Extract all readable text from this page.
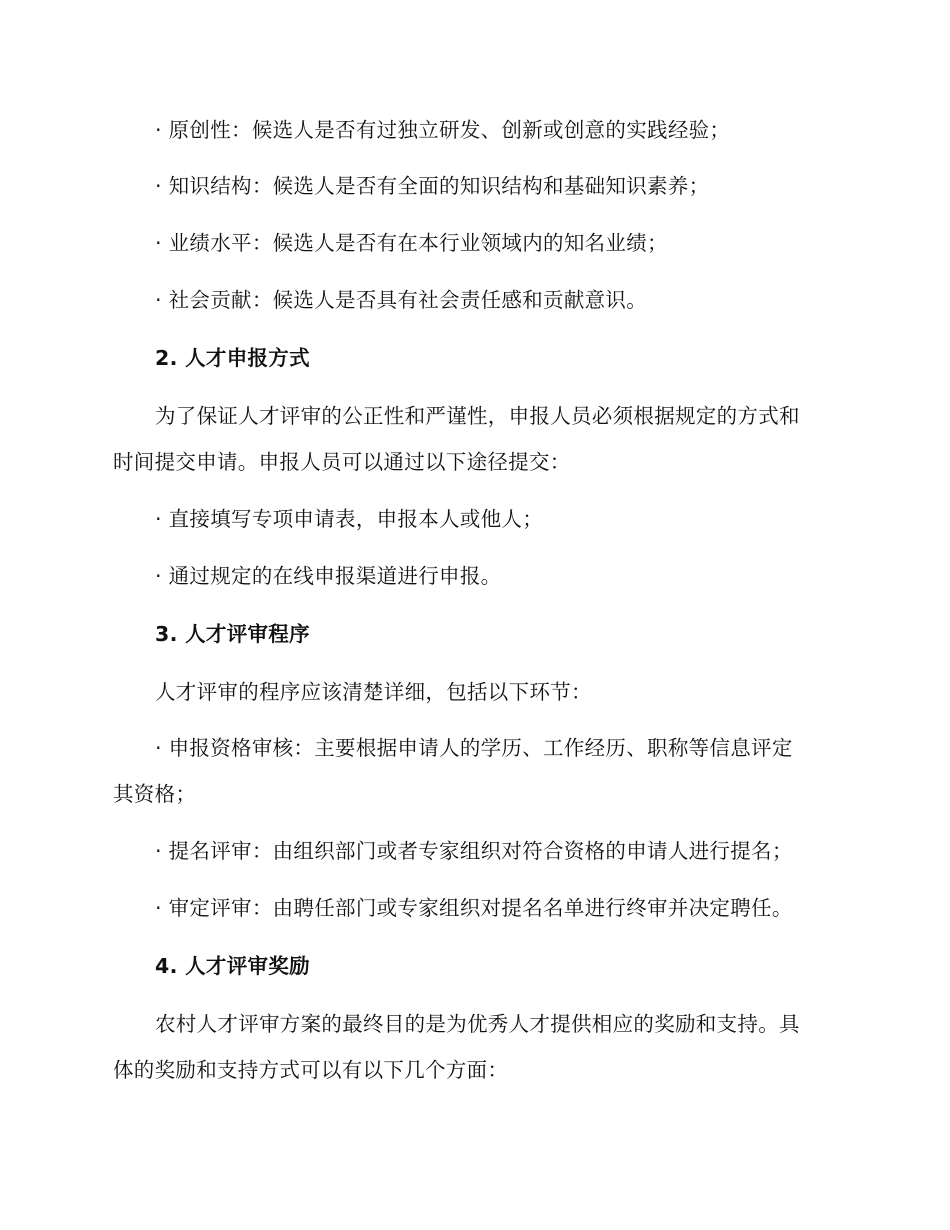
· 原创性：候选人是否有过独立研发、创新或创意的实践经验；
· 知识结构：候选人是否有全面的知识结构和基础知识素养；
· 业绩水平：候选人是否有在本行业领域内的知名业绩；
· 社会贡献：候选人是否具有社会责任感和贡献意识。
2. 人才申报方式
为了保证人才评审的公正性和严谨性，申报人员必须根据规定的方式和
时间提交申请。申报人员可以通过以下途径提交：
· 直接填写专项申请表，申报本人或他人；
· 通过规定的在线申报渠道进行申报。
3. 人才评审程序
人才评审的程序应该清楚详细，包括以下环节：
· 申报资格审核：主要根据申请人的学历、工作经历、职称等信息评定
其资格；
· 提名评审：由组织部门或者专家组织对符合资格的申请人进行提名；
· 审定评审：由聘任部门或专家组织对提名名单进行终审并决定聘任。
4. 人才评审奖励
农村人才评审方案的最终目的是为优秀人才提供相应的奖励和支持。具
体的奖励和支持方式可以有以下几个方面：
